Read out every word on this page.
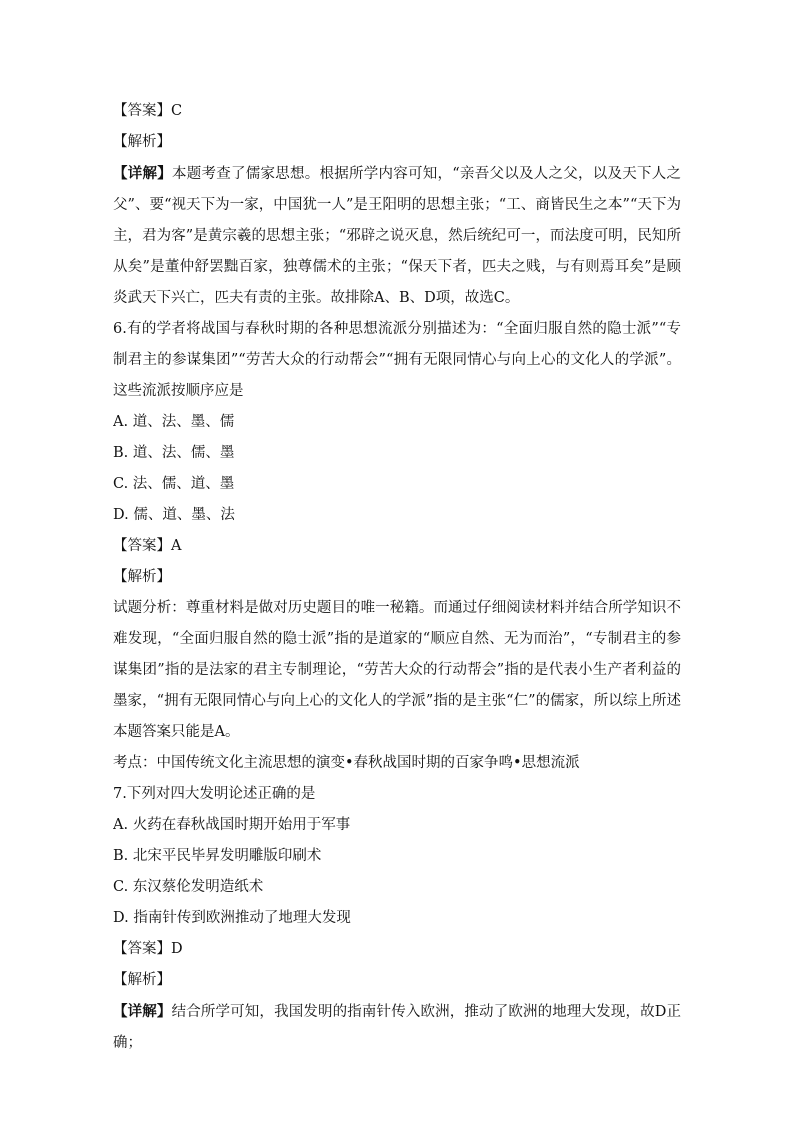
【答案】C
【解析】
【详解】本题考查了儒家思想。根据所学内容可知，“亲吾父以及人之父，以及天下人之父”、要“视天下为一家，中国犹一人”是王阳明的思想主张；“工、商皆民生之本”“天下为主，君为客”是黄宗羲的思想主张；“邪辟之说灭息，然后统纪可一，而法度可明，民知所从矣”是董仲舒罢黜百家，独尊儒术的主张；“保天下者，匹夫之贱，与有则焉耳矣”是顾炎武天下兴亡，匹夫有责的主张。故排除A、B、D项，故选C。
6.有的学者将战国与春秋时期的各种思想流派分别描述为：“全面归服自然的隐士派”“专制君主的参谋集团”“劳苦大众的行动帮会”“拥有无限同情心与向上心的文化人的学派”。这些流派按顺序应是
A. 道、法、墨、儒
B. 道、法、儒、墨
C. 法、儒、道、墨
D. 儒、道、墨、法
【答案】A
【解析】
试题分析：尊重材料是做对历史题目的唯一秘籍。而通过仔细阅读材料并结合所学知识不难发现，“全面归服自然的隐士派”指的是道家的“顺应自然、无为而治”，“专制君主的参谋集团”指的是法家的君主专制理论，“劳苦大众的行动帮会”指的是代表小生产者利益的墨家，“拥有无限同情心与向上心的文化人的学派”指的是主张“仁”的儒家，所以综上所述本题答案只能是A。
考点：中国传统文化主流思想的演变•春秋战国时期的百家争鸣•思想流派
7.下列对四大发明论述正确的是
A. 火药在春秋战国时期开始用于军事
B. 北宋平民毕昇发明雕版印刷术
C. 东汉蔡伦发明造纸术
D. 指南针传到欧洲推动了地理大发现
【答案】D
【解析】
【详解】结合所学可知，我国发明的指南针传入欧洲，推动了欧洲的地理大发现，故D正确；
